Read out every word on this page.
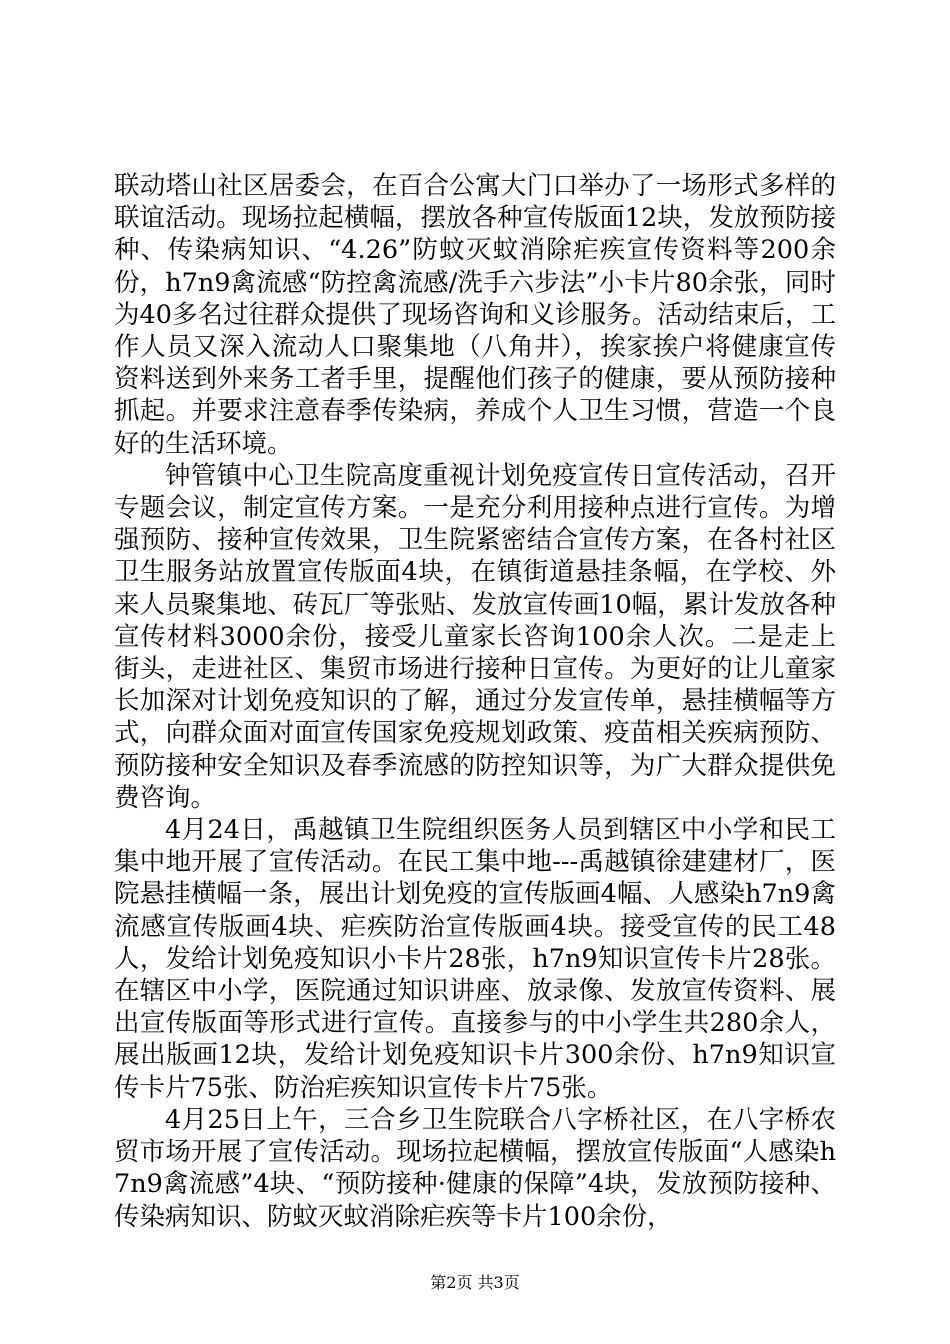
联动塔山社区居委会，在百合公寓大门口举办了一场形式多样的联谊活动。现场拉起横幅，摆放各种宣传版面12块，发放预防接种、传染病知识、“4.26”防蚊灭蚊消除疟疾宣传资料等200余份，h7n9禽流感“防控禽流感/洗手六步法”小卡片80余张，同时为40多名过往群众提供了现场咨询和义诊服务。活动结束后，工作人员又深入流动人口聚集地（八角井），挨家挨户将健康宣传资料送到外来务工者手里，提醒他们孩子的健康，要从预防接种抓起。并要求注意春季传染病，养成个人卫生习惯，营造一个良好的生活环境。

钟管镇中心卫生院高度重视计划免疫宣传日宣传活动，召开专题会议，制定宣传方案。一是充分利用接种点进行宣传。为增强预防、接种宣传效果，卫生院紧密结合宣传方案，在各村社区卫生服务站放置宣传版面4块，在镇街道悬挂条幅，在学校、外来人员聚集地、砖瓦厂等张贴、发放宣传画10幅，累计发放各种宣传材料3000余份，接受儿童家长咨询100余人次。二是走上街头，走进社区、集贸市场进行接种日宣传。为更好的让儿童家长加深对计划免疫知识的了解，通过分发宣传单，悬挂横幅等方式，向群众面对面宣传国家免疫规划政策、疫苗相关疾病预防、预防接种安全知识及春季流感的防控知识等，为广大群众提供免费咨询。

4月24日，禹越镇卫生院组织医务人员到辖区中小学和民工集中地开展了宣传活动。在民工集中地---禹越镇徐建建材厂，医院悬挂横幅一条，展出计划免疫的宣传版画4幅、人感染h7n9禽流感宣传版画4块、疟疾防治宣传版画4块。接受宣传的民工48人，发给计划免疫知识小卡片28张，h7n9知识宣传卡片28张。在辖区中小学，医院通过知识讲座、放录像、发放宣传资料、展出宣传版面等形式进行宣传。直接参与的中小学生共280余人，展出版画12块，发给计划免疫知识卡片300余份、h7n9知识宣传卡片75张、防治疟疾知识宣传卡片75张。

4月25日上午，三合乡卫生院联合八字桥社区，在八字桥农贸市场开展了宣传活动。现场拉起横幅，摆放宣传版面“人感染h7n9禽流感”4块、“预防接种·健康的保障”4块，发放预防接种、传染病知识、防蚊灭蚊消除疟疾等卡片100余份，

第2页 共3页
